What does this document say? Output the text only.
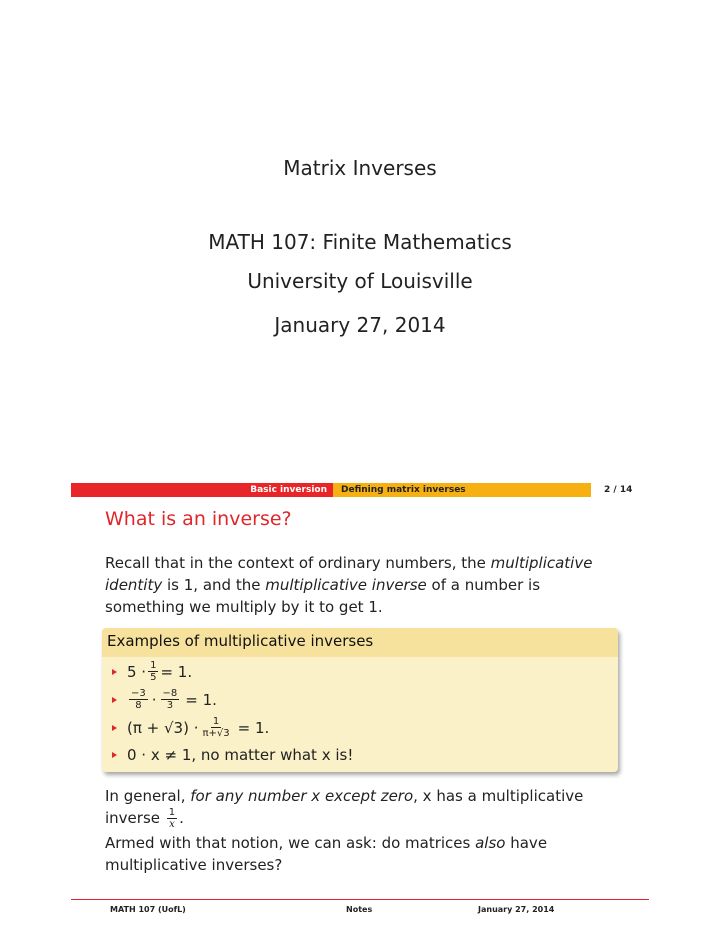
Matrix Inverses
MATH 107: Finite Mathematics
University of Louisville
January 27, 2014
Basic inversion	Defining matrix inverses	2 / 14
What is an inverse?
Recall that in the context of ordinary numbers, the multiplicative identity is 1, and the multiplicative inverse of a number is something we multiply by it to get 1.
Examples of multiplicative inverses
$5 \cdot \frac{1}{5} = 1$.
$\frac{-3}{8} \cdot \frac{-8}{3} = 1$.
$(\pi + √3) \cdot \frac{1}{\pi+√3} = 1$.
0 · x ≠ 1, no matter what x is!
In general, for any number x except zero, x has a multiplicative inverse $\frac{1}{x}$ .
Armed with that notion, we can ask: do matrices also have multiplicative inverses?
MATH 107 (UofL)	Notes	January 27, 2014
